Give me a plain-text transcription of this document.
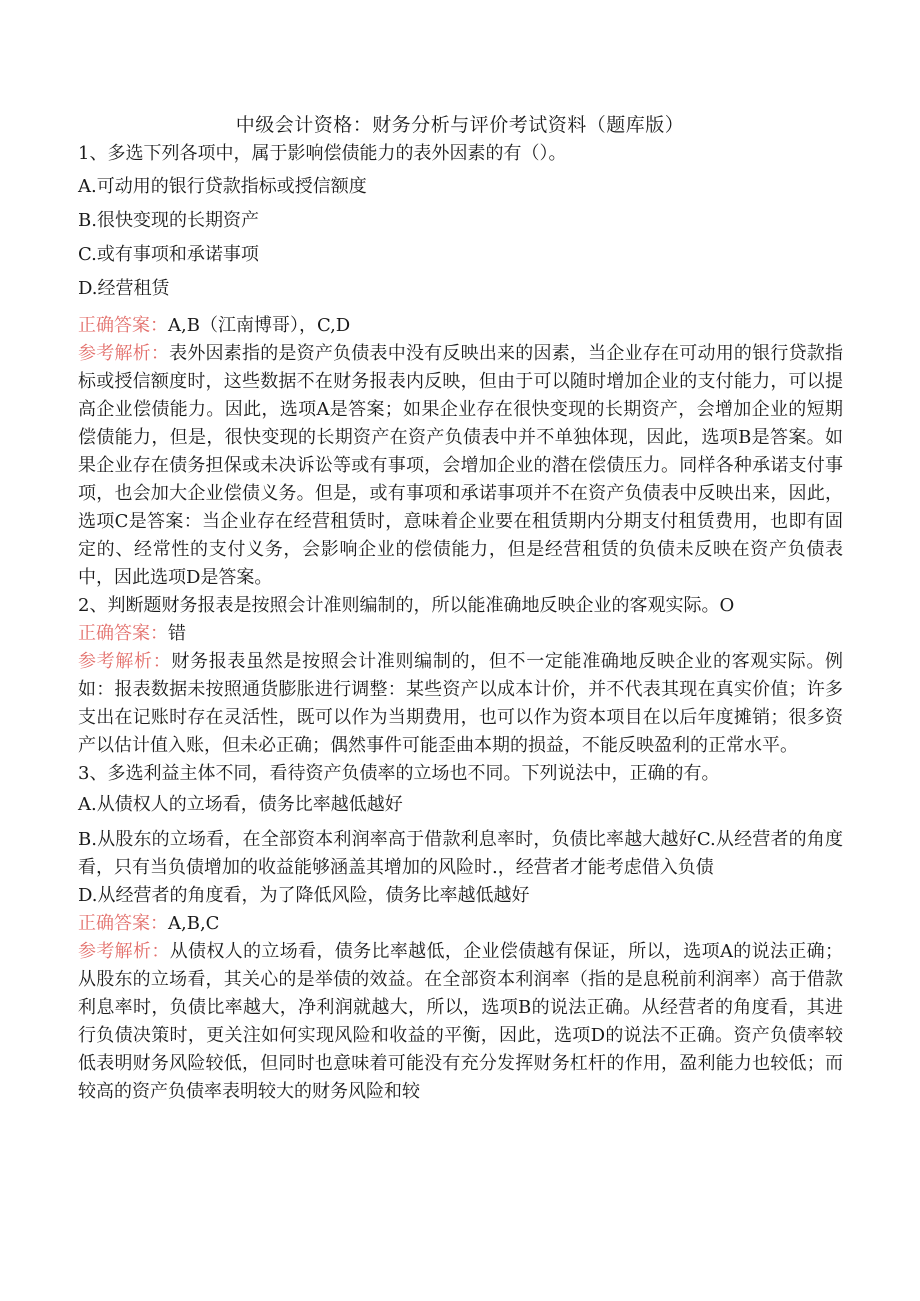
中级会计资格：财务分析与评价考试资料（题库版）

1、多选下列各项中，属于影响偿债能力的表外因素的有（）。

A.可动用的银行贷款指标或授信额度

B.很快变现的长期资产

C.或有事项和承诺事项

D.经营租赁

正确答案：A,B（江南博哥），C,D

参考解析：表外因素指的是资产负债表中没有反映出来的因素，当企业存在可动用的银行贷款指标或授信额度时，这些数据不在财务报表内反映，但由于可以随时增加企业的支付能力，可以提高企业偿债能力。因此，选项A是答案；如果企业存在很快变现的长期资产，会增加企业的短期偿债能力，但是，很快变现的长期资产在资产负债表中并不单独体现，因此，选项B是答案。如果企业存在债务担保或未决诉讼等或有事项，会增加企业的潜在偿债压力。同样各种承诺支付事项，也会加大企业偿债义务。但是，或有事项和承诺事项并不在资产负债表中反映出来，因此，选项C是答案：当企业存在经营租赁时，意味着企业要在租赁期内分期支付租赁费用，也即有固定的、经常性的支付义务，会影响企业的偿债能力，但是经营租赁的负债未反映在资产负债表中，因此选项D是答案。

2、判断题财务报表是按照会计准则编制的，所以能准确地反映企业的客观实际。O

正确答案：错

参考解析：财务报表虽然是按照会计准则编制的，但不一定能准确地反映企业的客观实际。例如：报表数据未按照通货膨胀进行调整：某些资产以成本计价，并不代表其现在真实价值；许多支出在记账时存在灵活性，既可以作为当期费用，也可以作为资本项目在以后年度摊销；很多资产以估计值入账，但未必正确；偶然事件可能歪曲本期的损益，不能反映盈利的正常水平。

3、多选利益主体不同，看待资产负债率的立场也不同。下列说法中，正确的有。

A.从债权人的立场看，债务比率越低越好

B.从股东的立场看，在全部资本利润率高于借款利息率时，负债比率越大越好C.从经营者的角度看，只有当负债增加的收益能够涵盖其增加的风险时.，经营者才能考虑借入负债

D.从经营者的角度看，为了降低风险，债务比率越低越好

正确答案：A,B,C

参考解析：从债权人的立场看，债务比率越低，企业偿债越有保证，所以，选项A的说法正确；从股东的立场看，其关心的是举债的效益。在全部资本利润率（指的是息税前利润率）高于借款利息率时，负债比率越大，净利润就越大，所以，选项B的说法正确。从经营者的角度看，其进行负债决策时，更关注如何实现风险和收益的平衡，因此，选项D的说法不正确。资产负债率较低表明财务风险较低，但同时也意味着可能没有充分发挥财务杠杆的作用，盈利能力也较低；而较高的资产负债率表明较大的财务风险和较
